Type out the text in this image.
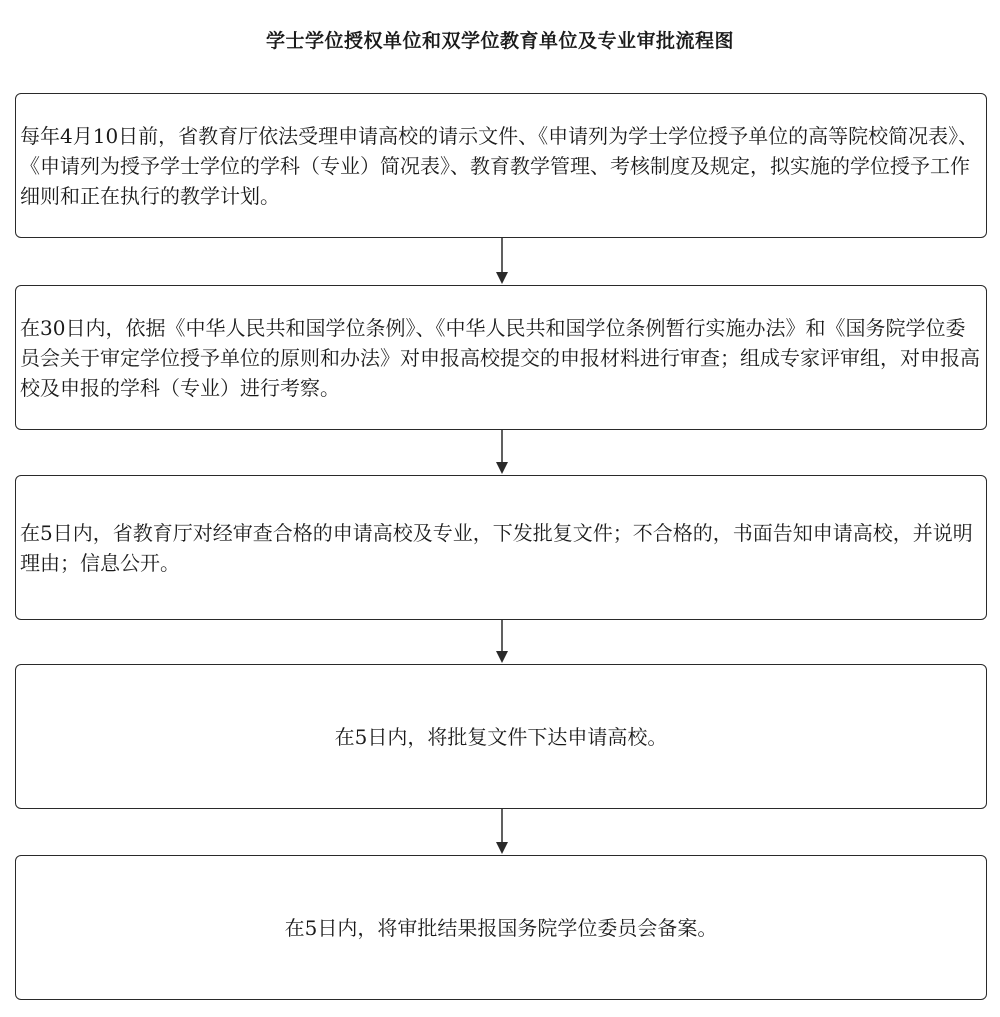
学士学位授权单位和双学位教育单位及专业审批流程图
每年4月10日前，省教育厅依法受理申请高校的请示文件、《申请列为学士学位授予单位的高等院校简况表》、《申请列为授予学士学位的学科（专业）简况表》、教育教学管理、考核制度及规定，拟实施的学位授予工作细则和正在执行的教学计划。
在30日内，依据《中华人民共和国学位条例》、《中华人民共和国学位条例暂行实施办法》和《国务院学位委员会关于审定学位授予单位的原则和办法》对申报高校提交的申报材料进行审查；组成专家评审组，对申报高校及申报的学科（专业）进行考察。
在5日内，省教育厅对经审查合格的申请高校及专业，下发批复文件；不合格的，书面告知申请高校，并说明理由；信息公开。
在5日内，将批复文件下达申请高校。
在5日内，将审批结果报国务院学位委员会备案。
